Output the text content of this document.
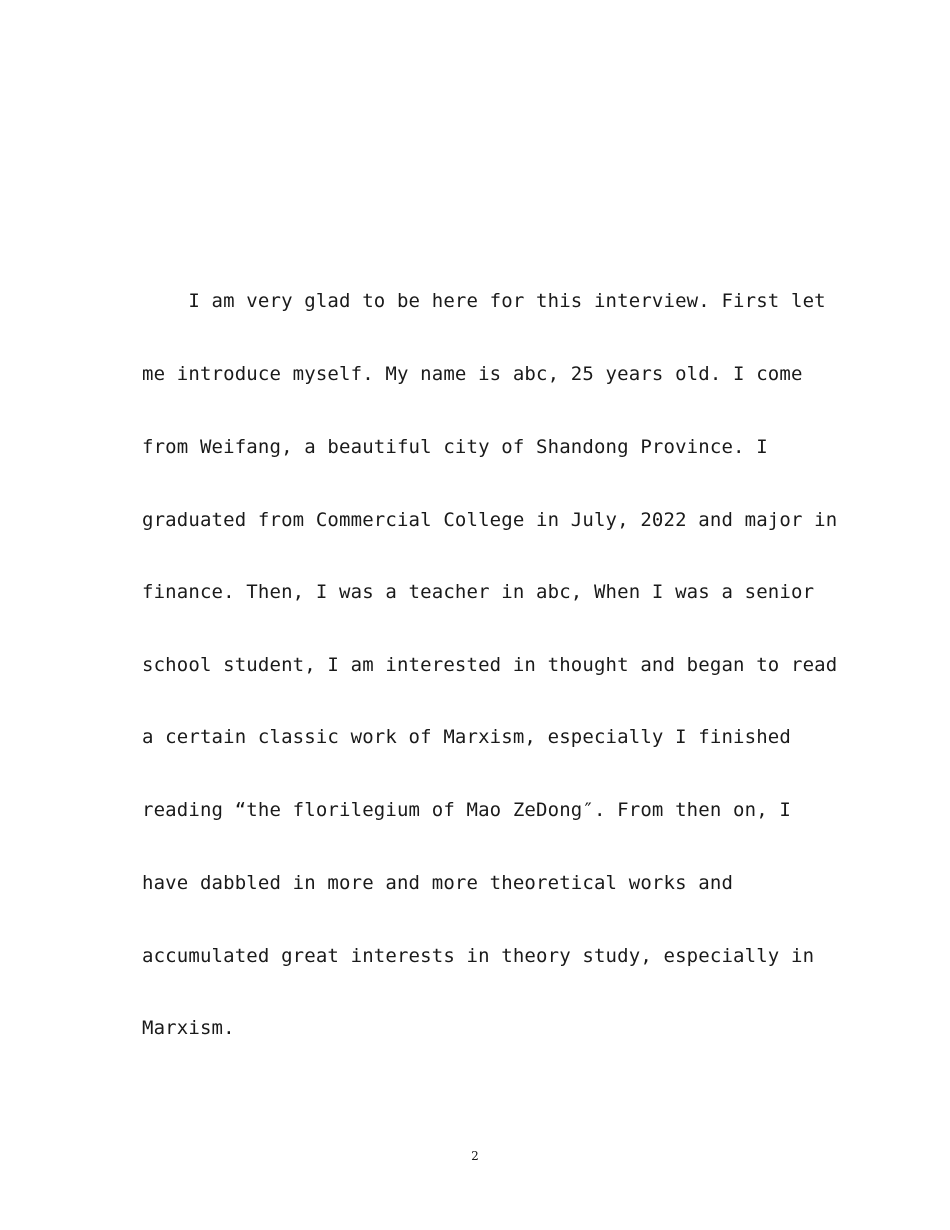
I am very glad to be here for this interview. First let
me introduce myself. My name is abc, 25 years old. I come
from Weifang, a beautiful city of Shandong Province. I
graduated from Commercial College in July, 2022 and major in
finance. Then, I was a teacher in abc, When I was a senior
school student, I am interested in thought and began to read
a certain classic work of Marxism, especially I finished
reading “the florilegium of Mao ZeDong″. From then on, I
have dabbled in more and more theoretical works and
accumulated great interests in theory study, especially in
Marxism.
2
